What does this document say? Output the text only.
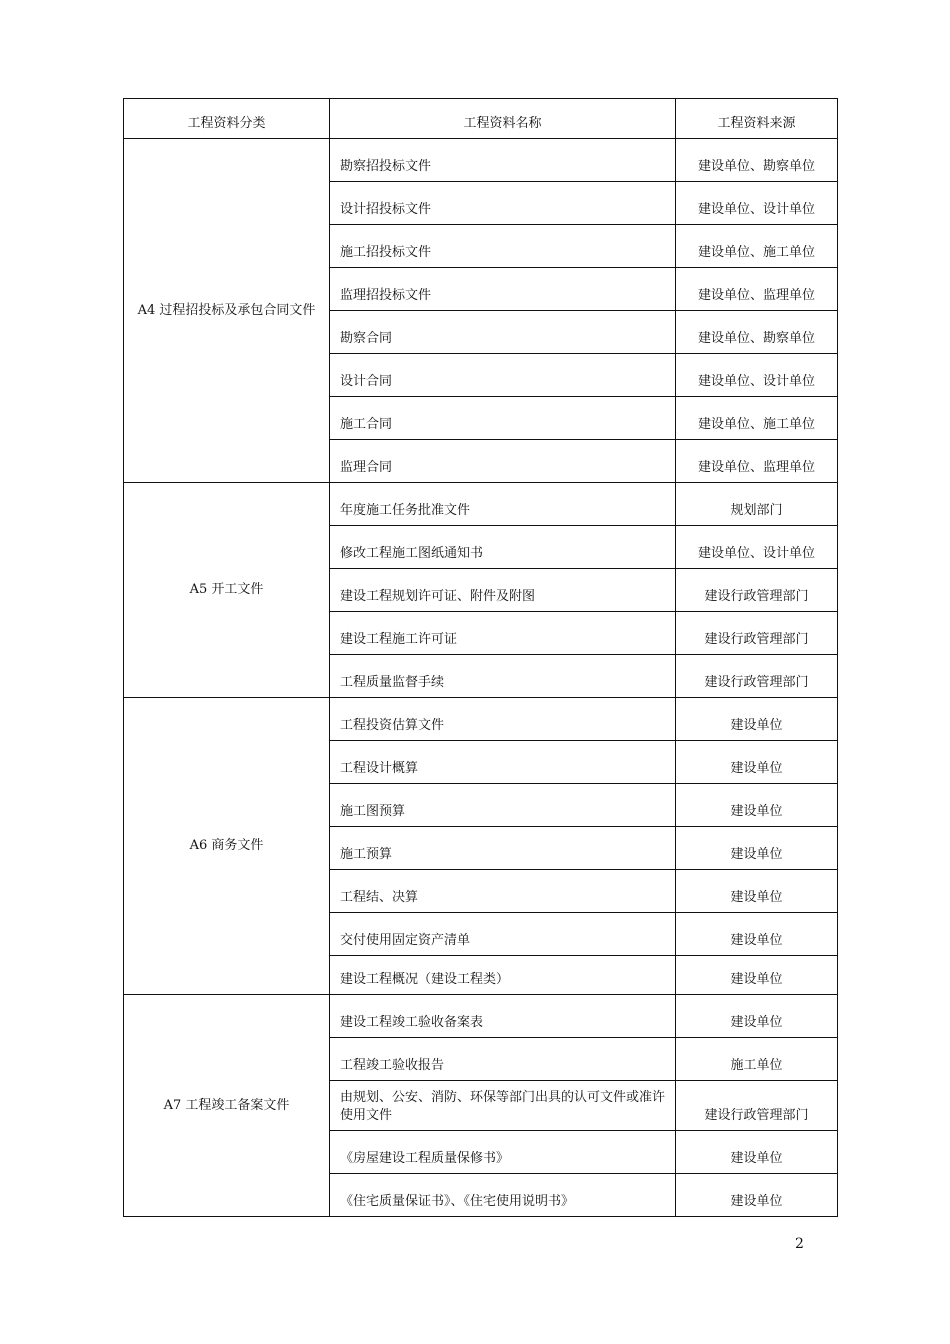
工程资料分类	工程资料名称	工程资料来源
A4 过程招投标及承包合同文件	勘察招投标文件	建设单位、勘察单位
	设计招投标文件	建设单位、设计单位
	施工招投标文件	建设单位、施工单位
	监理招投标文件	建设单位、监理单位
	勘察合同	建设单位、勘察单位
	设计合同	建设单位、设计单位
	施工合同	建设单位、施工单位
	监理合同	建设单位、监理单位
A5 开工文件	年度施工任务批准文件	规划部门
	修改工程施工图纸通知书	建设单位、设计单位
	建设工程规划许可证、附件及附图	建设行政管理部门
	建设工程施工许可证	建设行政管理部门
	工程质量监督手续	建设行政管理部门
A6 商务文件	工程投资估算文件	建设单位
	工程设计概算	建设单位
	施工图预算	建设单位
	施工预算	建设单位
	工程结、决算	建设单位
	交付使用固定资产清单	建设单位
	建设工程概况（建设工程类）	建设单位
A7 工程竣工备案文件	建设工程竣工验收备案表	建设单位
	工程竣工验收报告	施工单位
	由规划、公安、消防、环保等部门出具的认可文件或准许使用文件	建设行政管理部门
	《房屋建设工程质量保修书》	建设单位
	《住宅质量保证书》、《住宅使用说明书》	建设单位
2
